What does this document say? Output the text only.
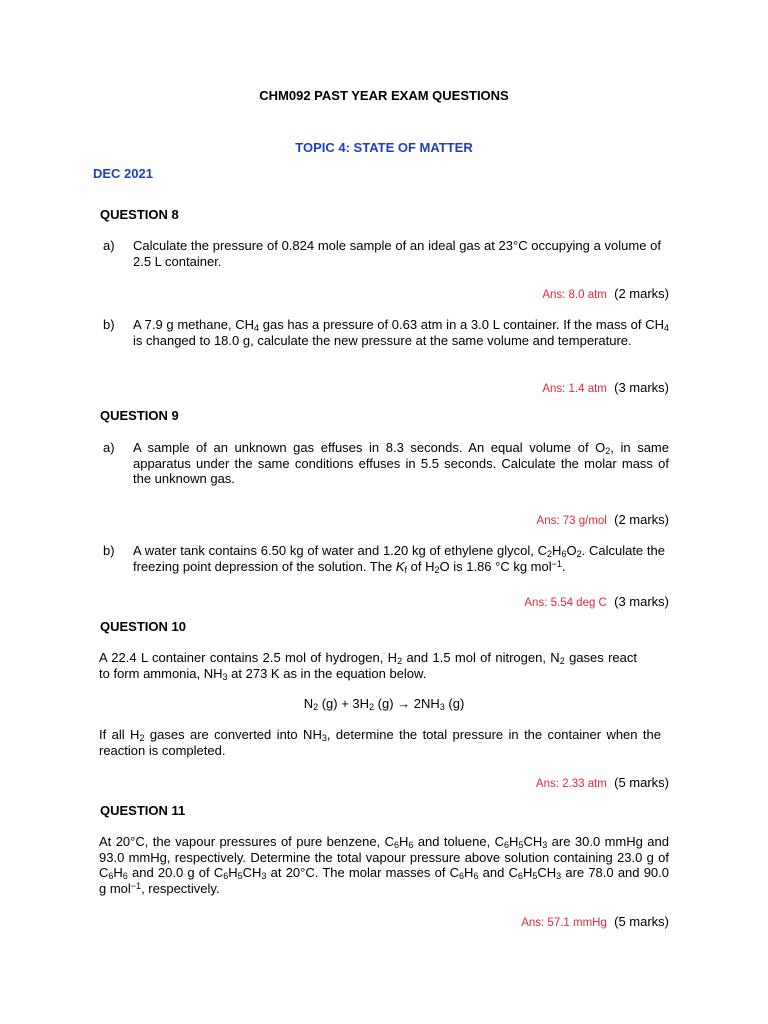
CHM092 PAST YEAR EXAM QUESTIONS
TOPIC 4: STATE OF MATTER
DEC 2021
QUESTION 8
a) Calculate the pressure of 0.824 mole sample of an ideal gas at 23°C occupying a volume of 2.5 L container.
Ans: 8.0 atm (2 marks)
b) A 7.9 g methane, $CH_4$ gas has a pressure of 0.63 atm in a 3.0 L container. If the mass of $CH_4$ is changed to 18.0 g, calculate the new pressure at the same volume and temperature.
Ans: 1.4 atm (3 marks)
QUESTION 9
a) A sample of an unknown gas effuses in 8.3 seconds. An equal volume of $O_2$, in same apparatus under the same conditions effuses in 5.5 seconds. Calculate the molar mass of the unknown gas.
Ans: 73 g/mol (2 marks)
b) A water tank contains 6.50 kg of water and 1.20 kg of ethylene glycol, $C_2H_6O_2$. Calculate the freezing point depression of the solution. The $K_f$ of $H_2O$ is 1.86 °C kg mol$^{-1}$.
Ans: 5.54 deg C (3 marks)
QUESTION 10
A 22.4 L container contains 2.5 mol of hydrogen, $H_2$ and 1.5 mol of nitrogen, $N_2$ gases react to form ammonia, $NH_3$ at 273 K as in the equation below.
$N_2$ $(g) + 3H_2$ $(g) \to 2NH_3$ (g)
If all $H_2$ gases are converted into $NH_3$, determine the total pressure in the container when the reaction is completed.
Ans: 2.33 atm (5 marks)
QUESTION 11
At 20°C, the vapour pressures of pure benzene, $C_6H_6$ and toluene, $C_6H_5CH_3$ are 30.0 mmHg and 93.0 mmHg, respectively. Determine the total vapour pressure above solution containing 23.0 g of $C_6H_6$ and 20.0 g of $C_6H_5CH_3$ at 20°C. The molar masses of $C_6H_6$ and $C_6H_5CH_3$ are 78.0 and 90.0 g mol$^{-1}$, respectively.
Ans: 57.1 mmHg (5 marks)
